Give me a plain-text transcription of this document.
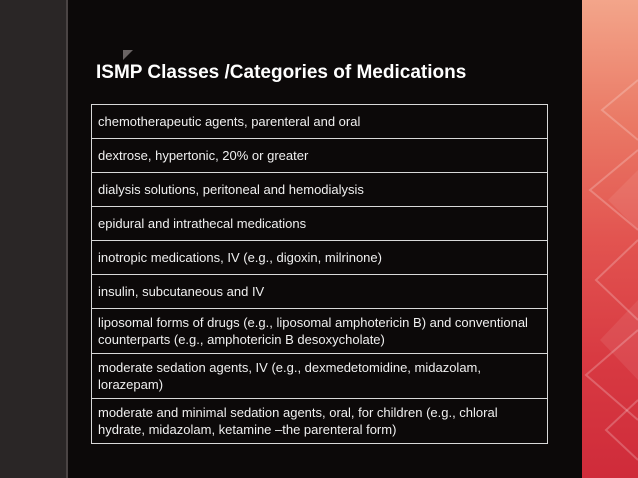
ISMP Classes /Categories of Medications
chemotherapeutic agents, parenteral and oral
dextrose, hypertonic, 20% or greater
dialysis solutions, peritoneal and hemodialysis
epidural and intrathecal medications
inotropic medications, IV (e.g., digoxin, milrinone)
insulin, subcutaneous and IV
liposomal forms of drugs (e.g., liposomal amphotericin B) and conventional counterparts (e.g., amphotericin B desoxycholate)
moderate sedation agents, IV (e.g., dexmedetomidine, midazolam, lorazepam)
moderate and minimal sedation agents, oral, for children (e.g., chloral hydrate, midazolam, ketamine –the parenteral form)
